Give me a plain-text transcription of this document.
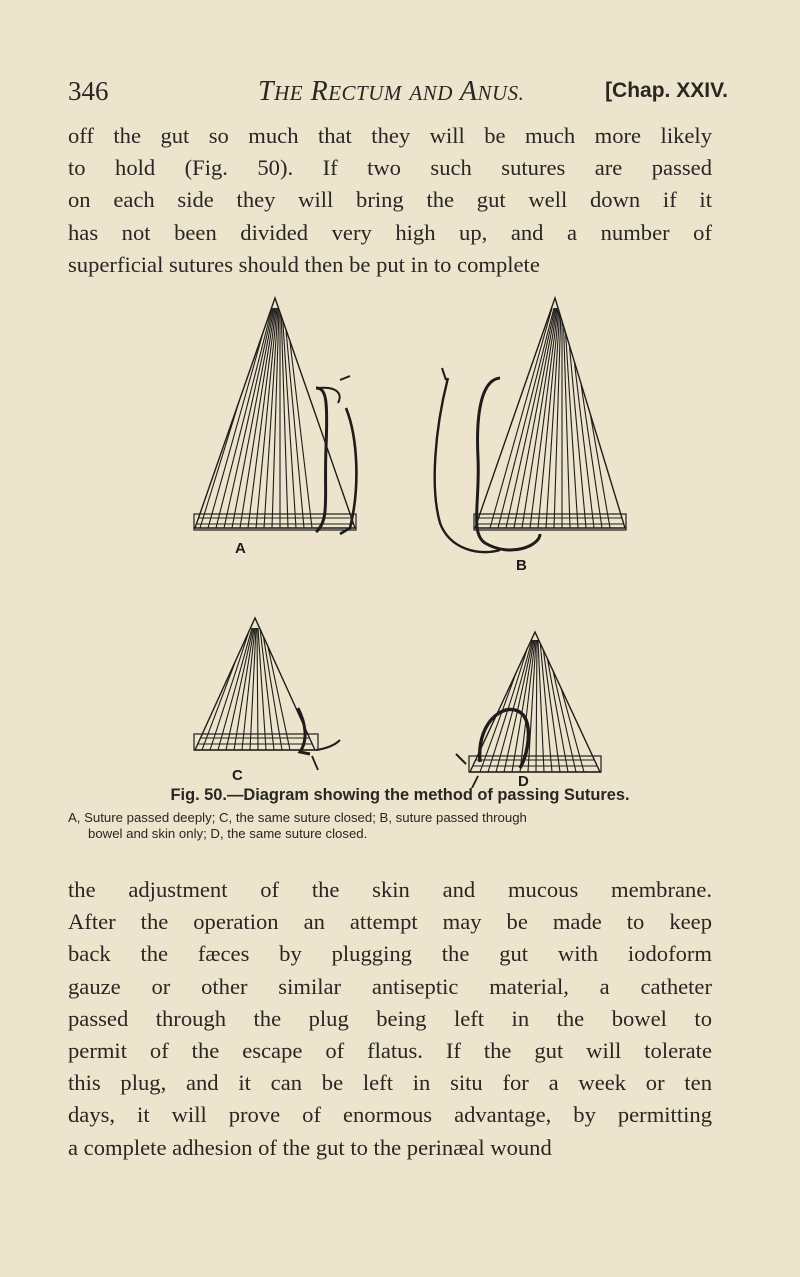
346	THE RECTUM AND ANUS.	[Chap. XXIV.
off the gut so much that they will be much more likely
to hold (Fig. 50). If two such sutures are passed
on each side they will bring the gut well down if it
has not been divided very high up, and a number of
superficial sutures should then be put in to complete
A
B
C	D

Fig. 50.—Diagram showing the method of passing Sutures.

A, Suture passed deeply; C, the same suture closed; B, suture passed through
bowel and skin only; D, the same suture closed.

the adjustment of the skin and mucous membrane.
After the operation an attempt may be made to keep
back the fæces by plugging the gut with iodoform
gauze or other similar antiseptic material, a catheter
passed through the plug being left in the bowel to
permit of the escape of flatus. If the gut will tolerate
this plug, and it can be left in situ for a week or ten
days, it will prove of enormous advantage, by permitting
a complete adhesion of the gut to the perinæal wound
